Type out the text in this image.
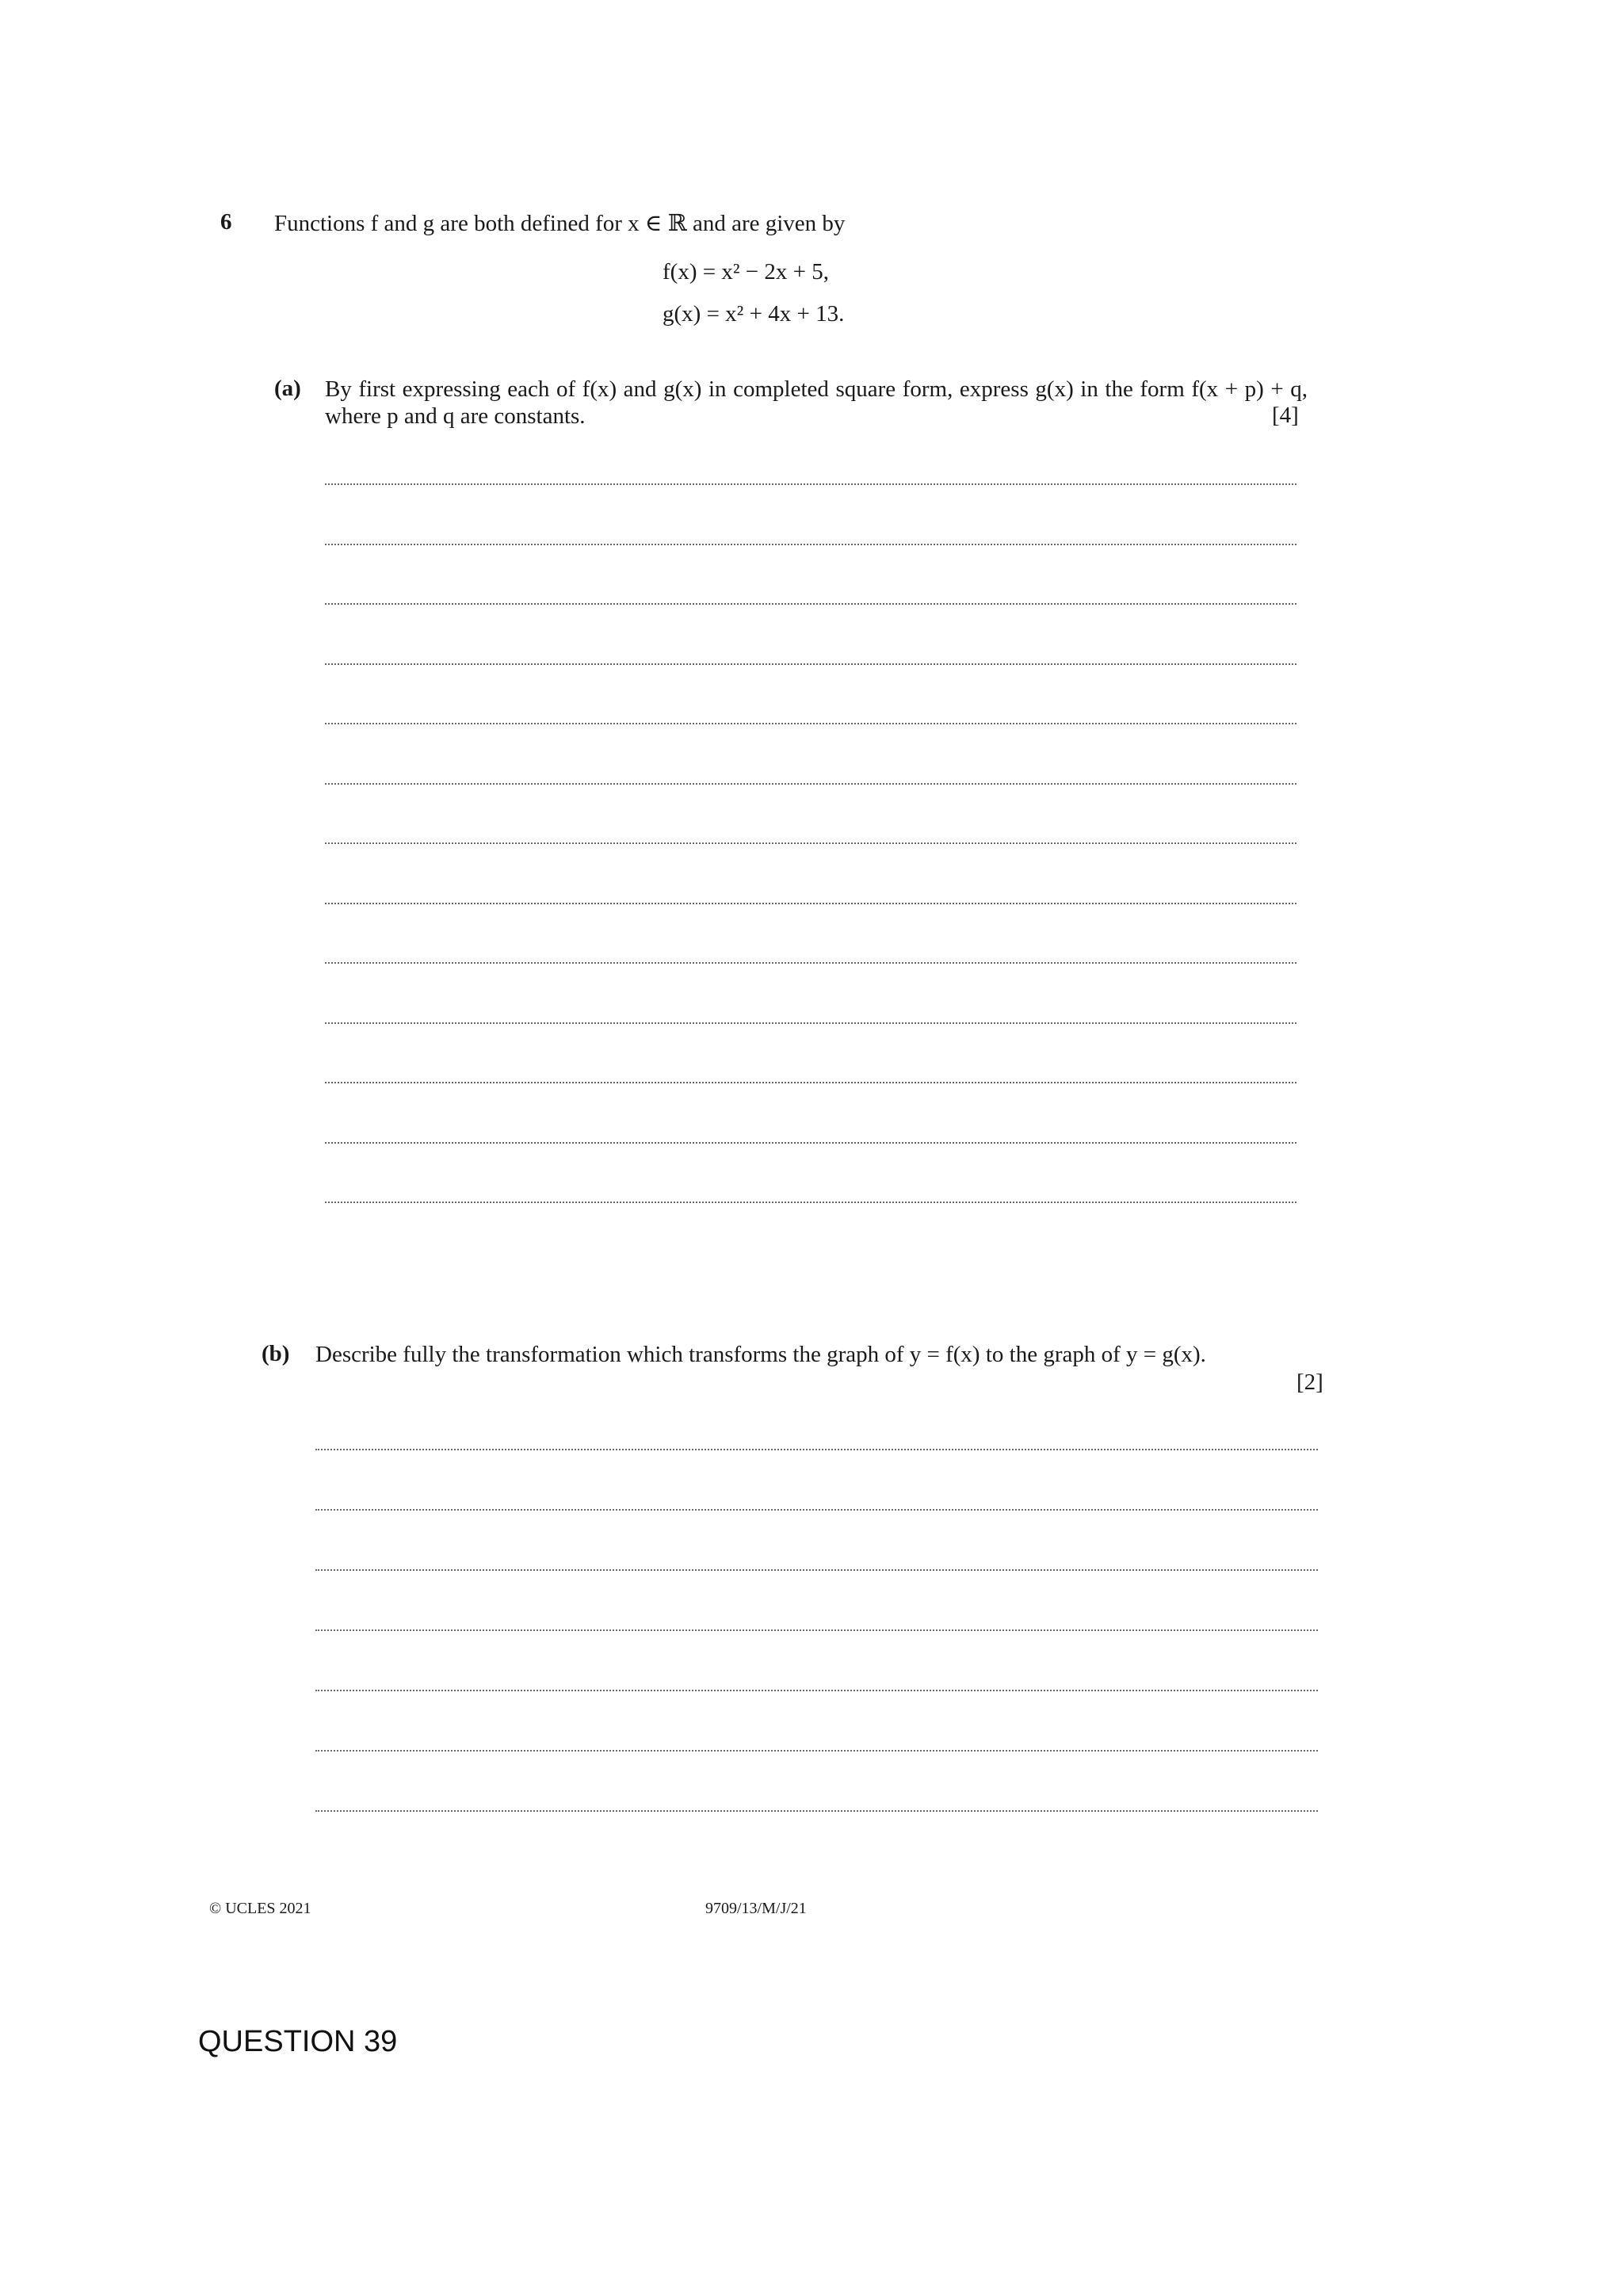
6 Functions f and g are both defined for x ∈ ℝ and are given by
f(x) = x² − 2x + 5,
g(x) = x² + 4x + 13.
(a) By first expressing each of f(x) and g(x) in completed square form, express g(x) in the form f(x + p) + q, where p and q are constants.	[4]
(b) Describe fully the transformation which transforms the graph of y = f(x) to the graph of y = g(x).
[2]
© UCLES 2021	9709/13/M/J/21
QUESTION 39
